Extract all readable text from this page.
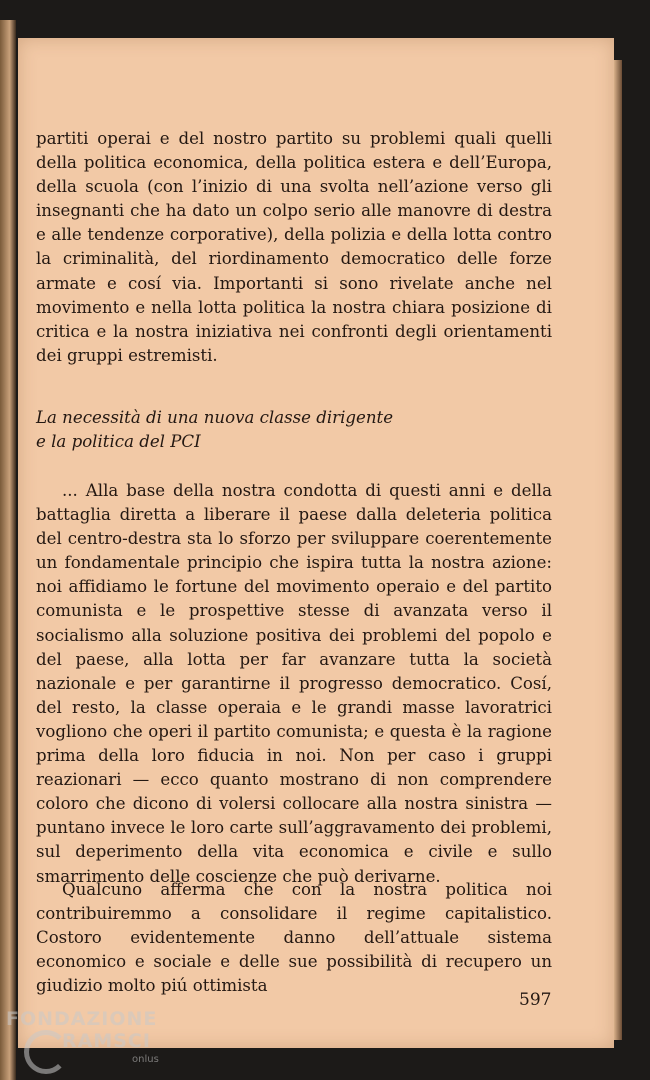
partiti operai e del nostro partito su problemi quali quelli della politica economica, della politica estera e dell’Europa, della scuola (con l’inizio di una svolta nell’azione verso gli insegnanti che ha dato un colpo serio alle manovre di destra e alle tendenze corporative), della polizia e della lotta contro la criminalità, del riordinamento democratico delle forze armate e cosí via. Importanti si sono rivelate anche nel movimento e nella lotta politica la nostra chiara posizione di critica e la nostra iniziativa nei confronti degli orientamenti dei gruppi estremisti.

La necessità di una nuova classe dirigente
e la politica del PCI

... Alla base della nostra condotta di questi anni e della battaglia diretta a liberare il paese dalla deleteria politica del centro-destra sta lo sforzo per sviluppare coerentemente un fondamentale principio che ispira tutta la nostra azione: noi affidiamo le fortune del movimento operaio e del partito comunista e le prospettive stesse di avanzata verso il socialismo alla soluzione positiva dei problemi del popolo e del paese, alla lotta per far avanzare tutta la società nazionale e per garantirne il progresso democratico. Cosí, del resto, la classe operaia e le grandi masse lavoratrici vogliono che operi il partito comunista; e questa è la ragione prima della loro fiducia in noi. Non per caso i gruppi reazionari — ecco quanto mostrano di non comprendere coloro che dicono di volersi collocare alla nostra sinistra — puntano invece le loro carte sull’aggravamento dei problemi, sul deperimento della vita economica e civile e sullo smarrimento delle coscienze che può derivarne.

Qualcuno afferma che con la nostra politica noi contribuiremmo a consolidare il regime capitalistico. Costoro evidentemente danno dell’attuale sistema economico e sociale e delle sue possibilità di recupero un giudizio molto piú ottimista

597
FONDAZIONE
RAMSCI
onlus
